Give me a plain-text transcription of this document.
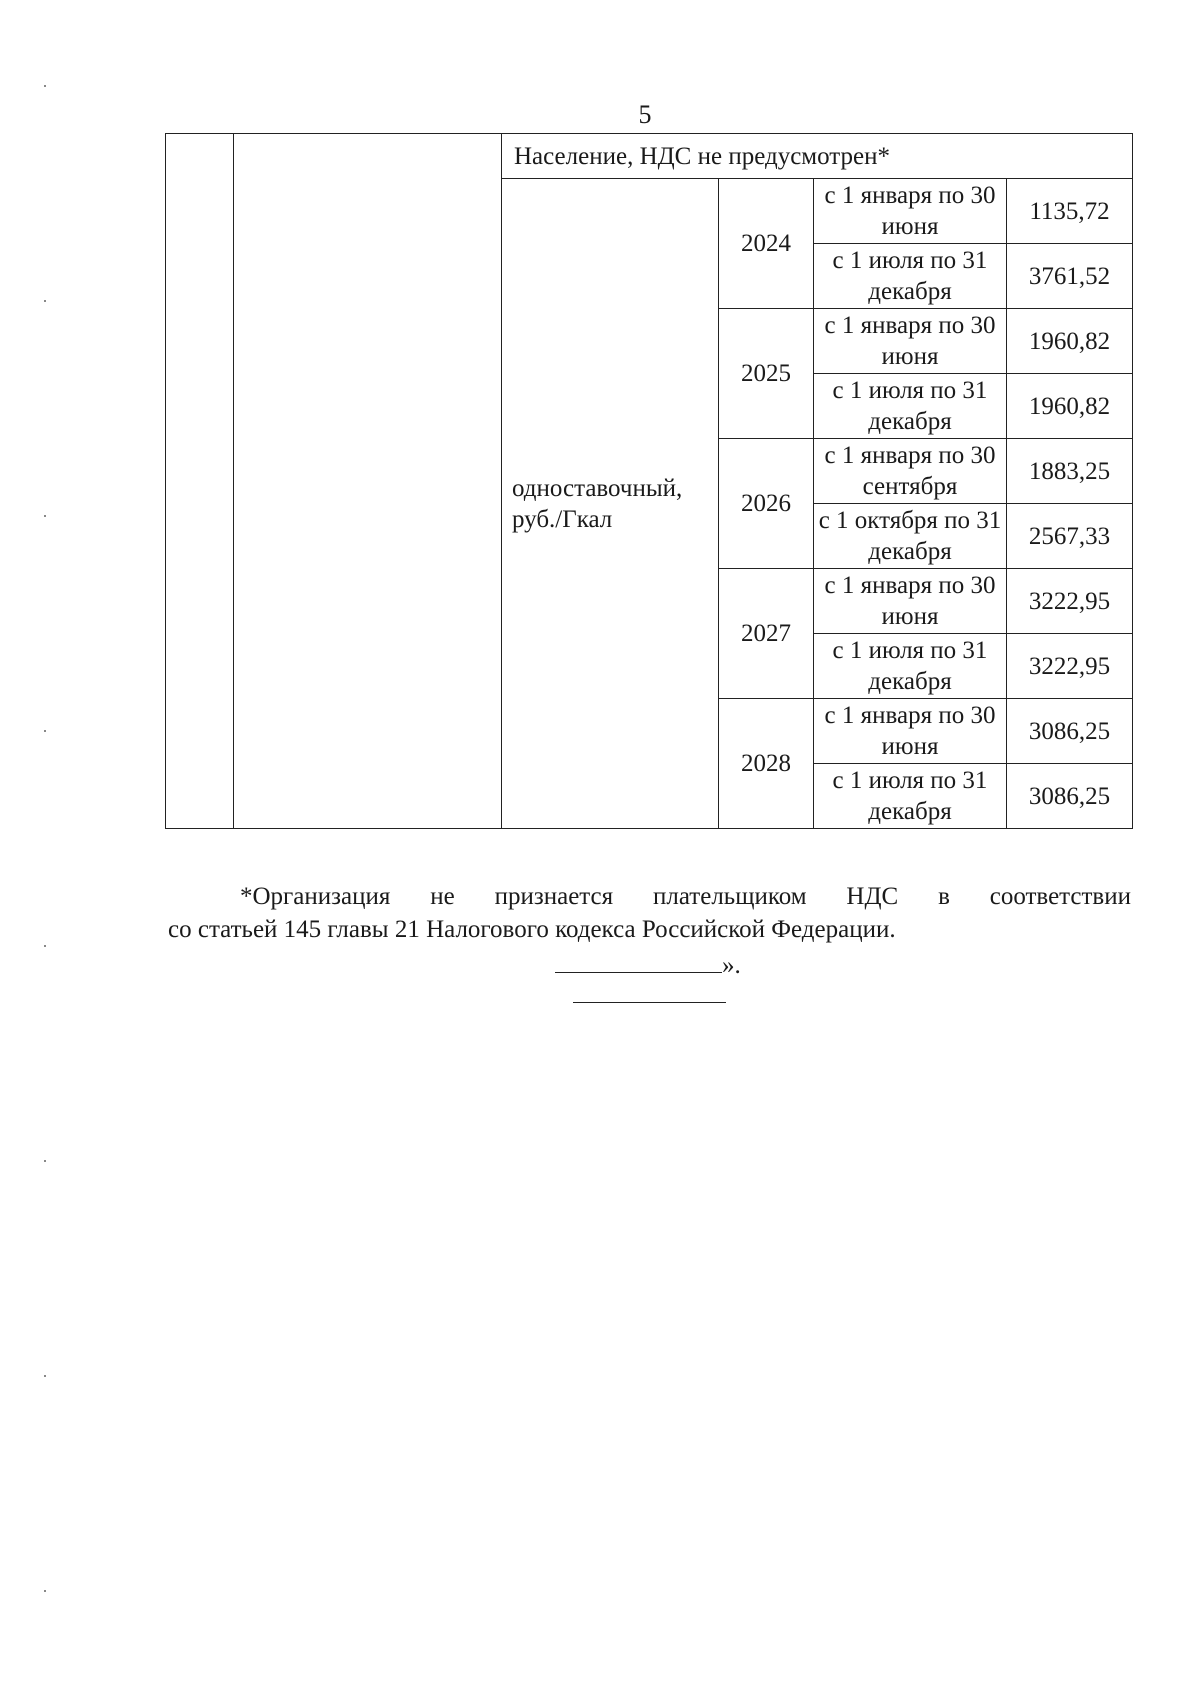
5
		Население, НДС не предусмотрен*			
		одноставочный, руб./Гкал	2024	с 1 января по 30 июня	1135,72
				с 1 июля по 31 декабря	3761,52
			2025	с 1 января по 30 июня	1960,82
				с 1 июля по 31 декабря	1960,82
			2026	с 1 января по 30 сентября	1883,25
				с 1 октября по 31 декабря	2567,33
			2027	с 1 января по 30 июня	3222,95
				с 1 июля по 31 декабря	3222,95
			2028	с 1 января по 30 июня	3086,25
				с 1 июля по 31 декабря	3086,25

*Организация не признается плательщиком НДС в соответствии

со статьей 145 главы 21 Налогового кодекса Российской Федерации.

».
